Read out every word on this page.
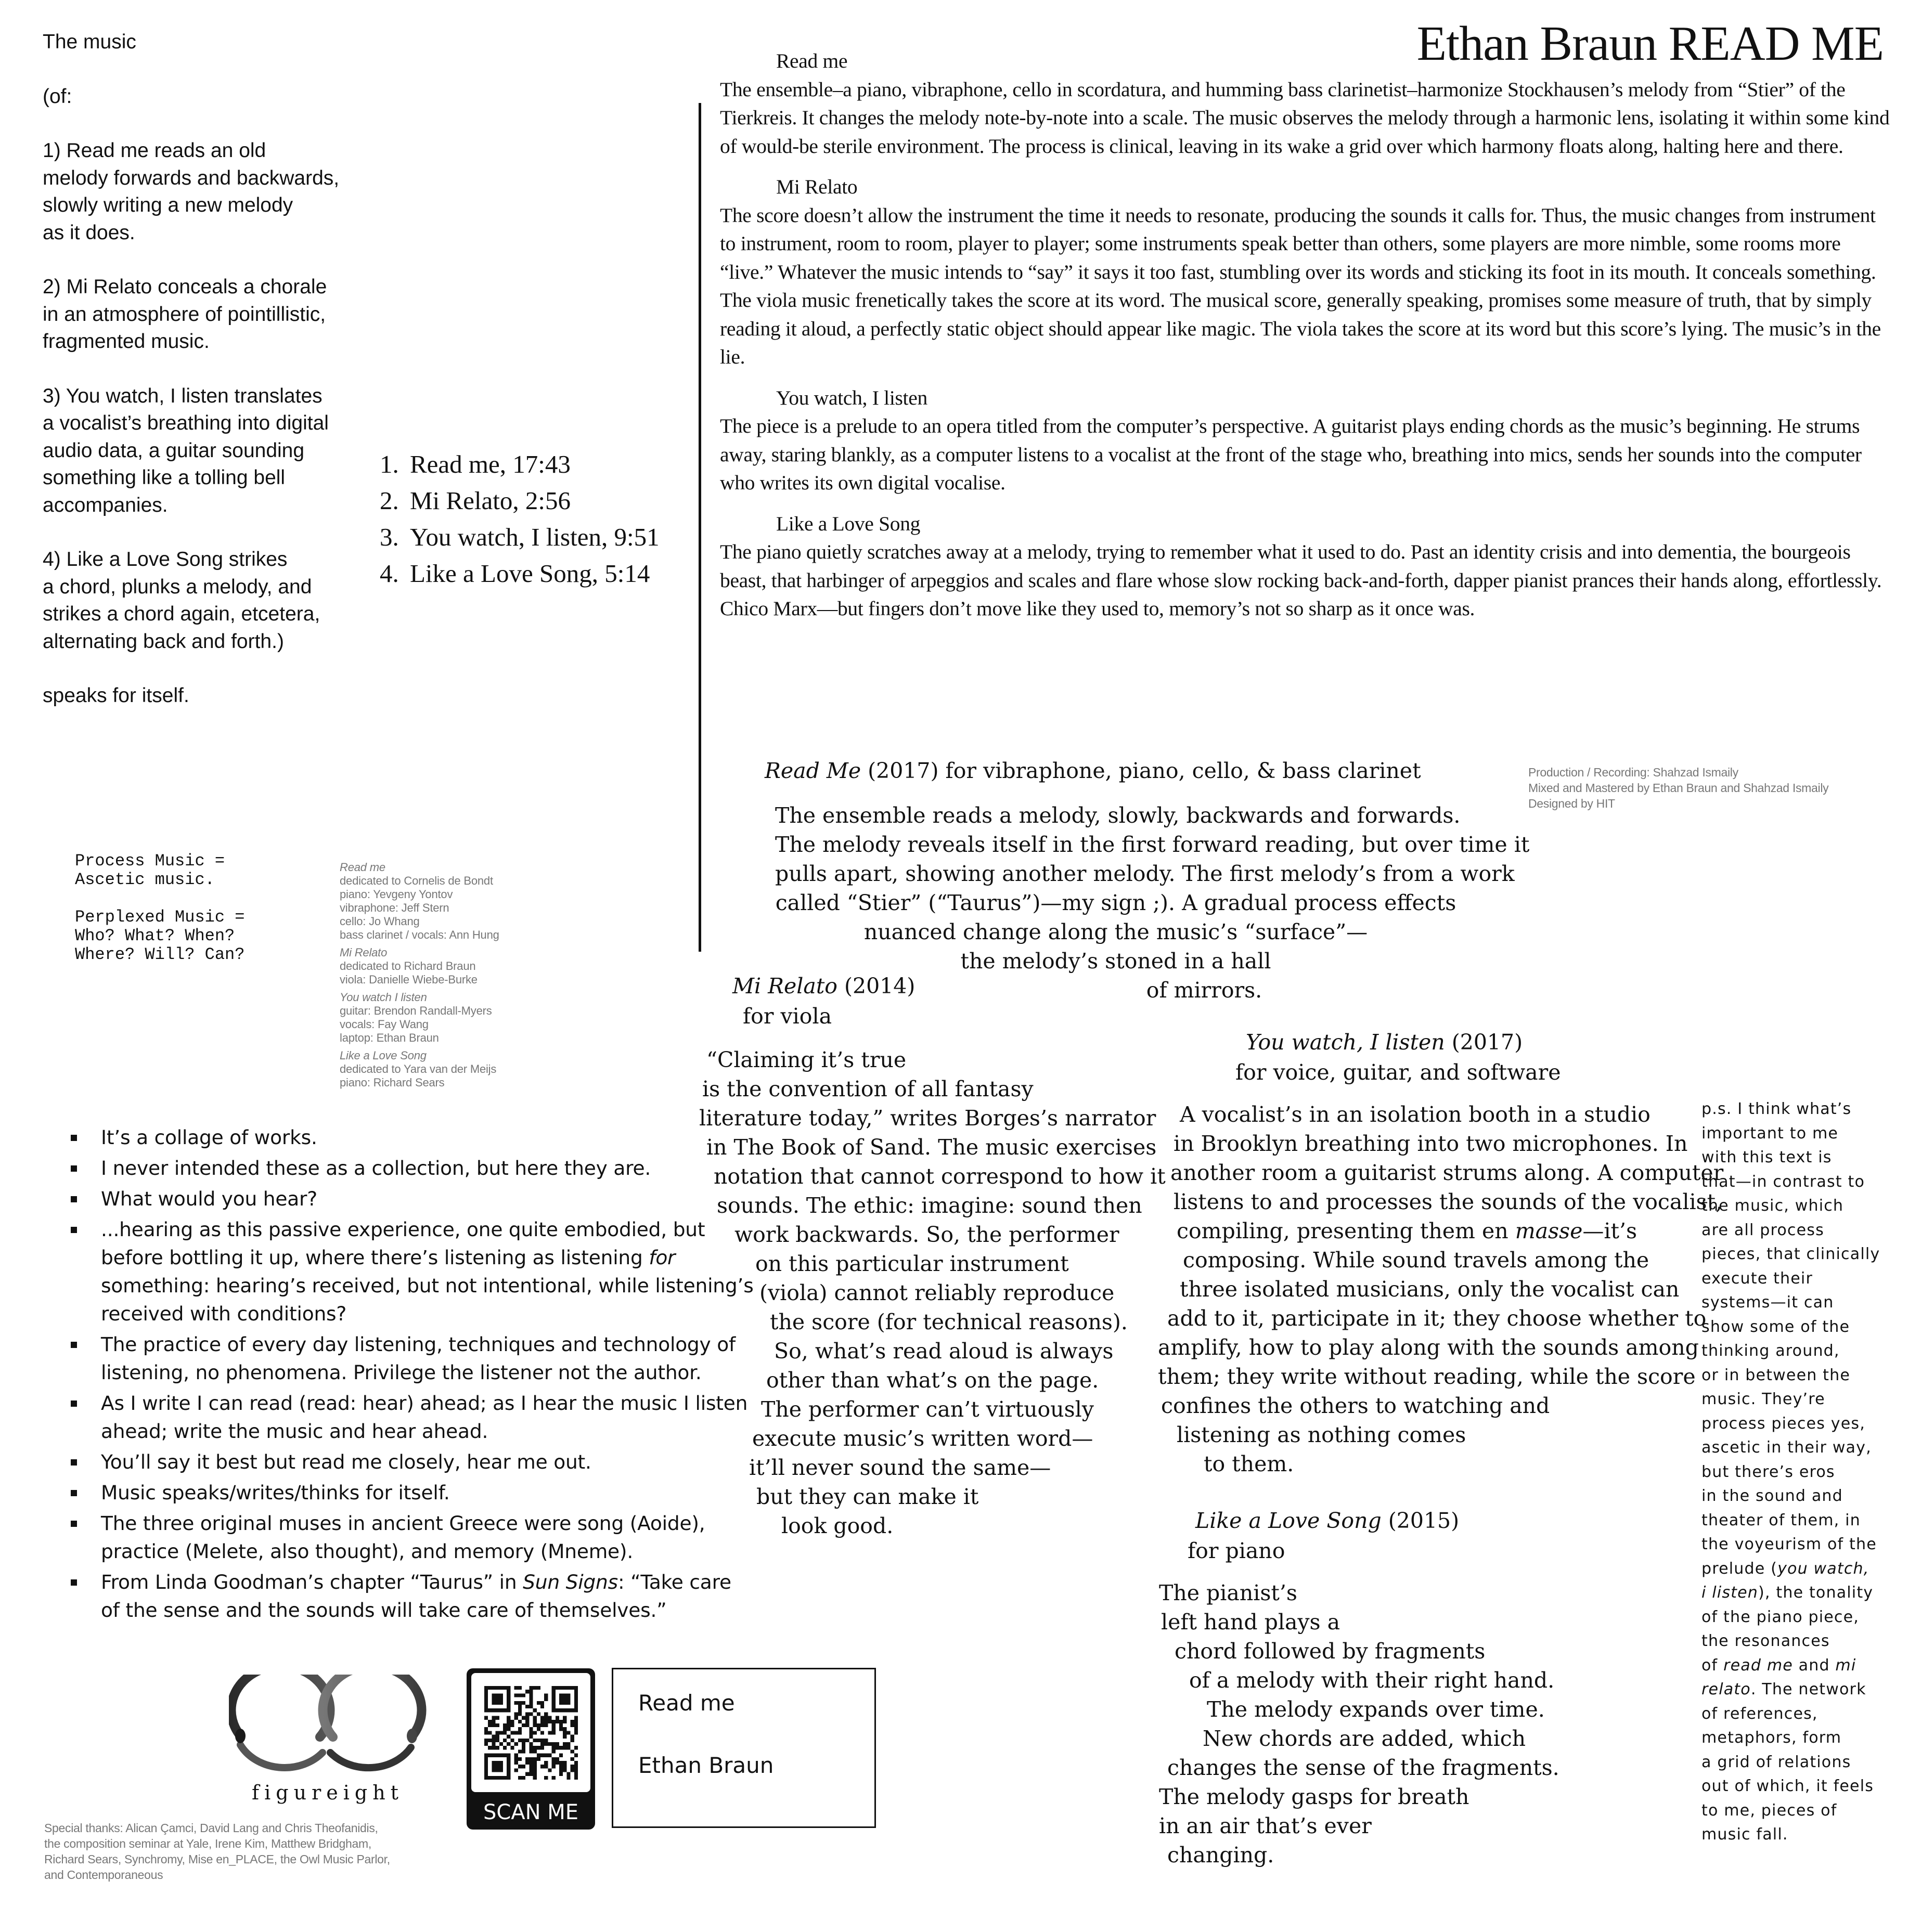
Ethan Braun READ ME

The music

(of:

1) Read me reads an old
melody forwards and backwards,
slowly writing a new melody
as it does.

2) Mi Relato conceals a chorale
in an atmosphere of pointillistic,
fragmented music.

3) You watch, I listen translates
a vocalist’s breathing into digital
audio data, a guitar sounding
something like a tolling bell
accompanies.

4) Like a Love Song strikes
a chord, plunks a melody, and
strikes a chord again, etcetera,
alternating back and forth.)

speaks for itself.

1. Read me, 17:43
2. Mi Relato, 2:56
3. You watch, I listen, 9:51
4. Like a Love Song, 5:14

Read me

The ensemble–a piano, vibraphone, cello in scordatura, and humming bass clarinetist–harmonize Stockhausen’s melody from “Stier” of the Tierkreis. It changes the melody note-by-note into a scale. The music observes the melody through a harmonic lens, isolating it within some kind of would-be sterile environment. The process is clinical, leaving in its wake a grid over which harmony floats along, halting here and there.

Mi Relato

The score doesn’t allow the instrument the time it needs to resonate, producing the sounds it calls for. Thus, the music changes from instrument to instrument, room to room, player to player; some instruments speak better than others, some players are more nimble, some rooms more “live.” Whatever the music intends to “say” it says it too fast, stumbling over its words and sticking its foot in its mouth. It conceals something. The viola music frenetically takes the score at its word. The musical score, generally speaking, promises some measure of truth, that by simply reading it aloud, a perfectly static object should appear like magic. The viola takes the score at its word but this score’s lying. The music’s in the lie.

You watch, I listen

The piece is a prelude to an opera titled from the computer’s perspective. A guitarist plays ending chords as the music’s beginning. He strums away, staring blankly, as a computer listens to a vocalist at the front of the stage who, breathing into mics, sends her sounds into the computer who writes its own digital vocalise.

Like a Love Song

The piano quietly scratches away at a melody, trying to remember what it used to do. Past an identity crisis and into dementia, the bourgeois beast, that harbinger of arpeggios and scales and flare whose slow rocking back-and-forth, dapper pianist prances their hands along, effortlessly. Chico Marx—but fingers don’t move like they used to, memory’s not so sharp as it once was.

Read Me (2017) for vibraphone, piano, cello, & bass clarinet
The ensemble reads a melody, slowly, backwards and forwards.
The melody reveals itself in the first forward reading, but over time it
pulls apart, showing another melody. The first melody’s from a work
called “Stier” (“Taurus”)—my sign ;). A gradual process effects
nuanced change along the music’s “surface”—
the melody’s stoned in a hall
of mirrors.
Mi Relato (2014)
for viola
“Claiming it’s true
is the convention of all fantasy
literature today,” writes Borges’s narrator
in The Book of Sand. The music exercises
notation that cannot correspond to how it
sounds. The ethic: imagine: sound then
work backwards. So, the performer
on this particular instrument
(viola) cannot reliably reproduce
the score (for technical reasons).
So, what’s read aloud is always
other than what’s on the page.
The performer can’t virtuously
execute music’s written word—
it’ll never sound the same—
but they can make it
look good.
You watch, I listen (2017)
for voice, guitar, and software
A vocalist’s in an isolation booth in a studio
in Brooklyn breathing into two microphones. In
another room a guitarist strums along. A computer
listens to and processes the sounds of the vocalist,
compiling, presenting them en masse—it’s
composing. While sound travels among the
three isolated musicians, only the vocalist can
add to it, participate in it; they choose whether to
amplify, how to play along with the sounds among
them; they write without reading, while the score
confines the others to watching and
listening as nothing comes
to them.
Like a Love Song (2015)
for piano
The pianist’s
left hand plays a
chord followed by fragments
of a melody with their right hand.
The melody expands over time.
New chords are added, which
changes the sense of the fragments.
The melody gasps for breath
in an air that’s ever
changing.
Production / Recording: Shahzad Ismaily
Mixed and Mastered by Ethan Braun and Shahzad Ismaily
Designed by HIT
Process Music =
Ascetic music.

Perplexed Music =
Who? What? When?
Where? Will? Can?
Read me
dedicated to Cornelis de Bondt
piano: Yevgeny Yontov
vibraphone: Jeff Stern
cello: Jo Whang
bass clarinet / vocals: Ann Hung
Mi Relato
dedicated to Richard Braun
viola: Danielle Wiebe-Burke
You watch I listen
guitar: Brendon Randall-Myers
vocals: Fay Wang
laptop: Ethan Braun
Like a Love Song
dedicated to Yara van der Meijs
piano: Richard Sears
It’s a collage of works.
I never intended these as a collection, but here they are.
What would you hear?
...hearing as this passive experience, one quite embodied, but before bottling it up, where there’s listening as listening for something: hearing’s received, but not intentional, while listening’s received with conditions?
The practice of every day listening, techniques and technology of listening, no phenomena. Privilege the listener not the author.
As I write I can read (read: hear) ahead; as I hear the music I listen ahead; write the music and hear ahead.
You’ll say it best but read me closely, hear me out.
Music speaks/writes/thinks for itself.
The three original muses in ancient Greece were song (Aoide), practice (Melete, also thought), and memory (Mneme).
From Linda Goodman’s chapter “Taurus” in Sun Signs: “Take care of the sense and the sounds will take care of themselves.”

p.s. I think what’s
important to me
with this text is
that—in contrast to
the music, which
are all process
pieces, that clinically
execute their
systems—it can
show some of the
thinking around,
or in between the
music. They’re
process pieces yes,
ascetic in their way,
but there’s eros
in the sound and
theater of them, in
the voyeurism of the
prelude (you watch,
i listen), the tonality
of the piano piece,
the resonances
of read me and mi
relato. The network
of references,
metaphors, form
a grid of relations
out of which, it feels
to me, pieces of
music fall.

figureight
SCAN ME
Read me
Ethan Braun
Special thanks: Alican Çamci, David Lang and Chris Theofanidis,
the composition seminar at Yale, Irene Kim, Matthew Bridgham,
Richard Sears, Synchromy, Mise en_PLACE, the Owl Music Parlor,
and Contemporaneous
